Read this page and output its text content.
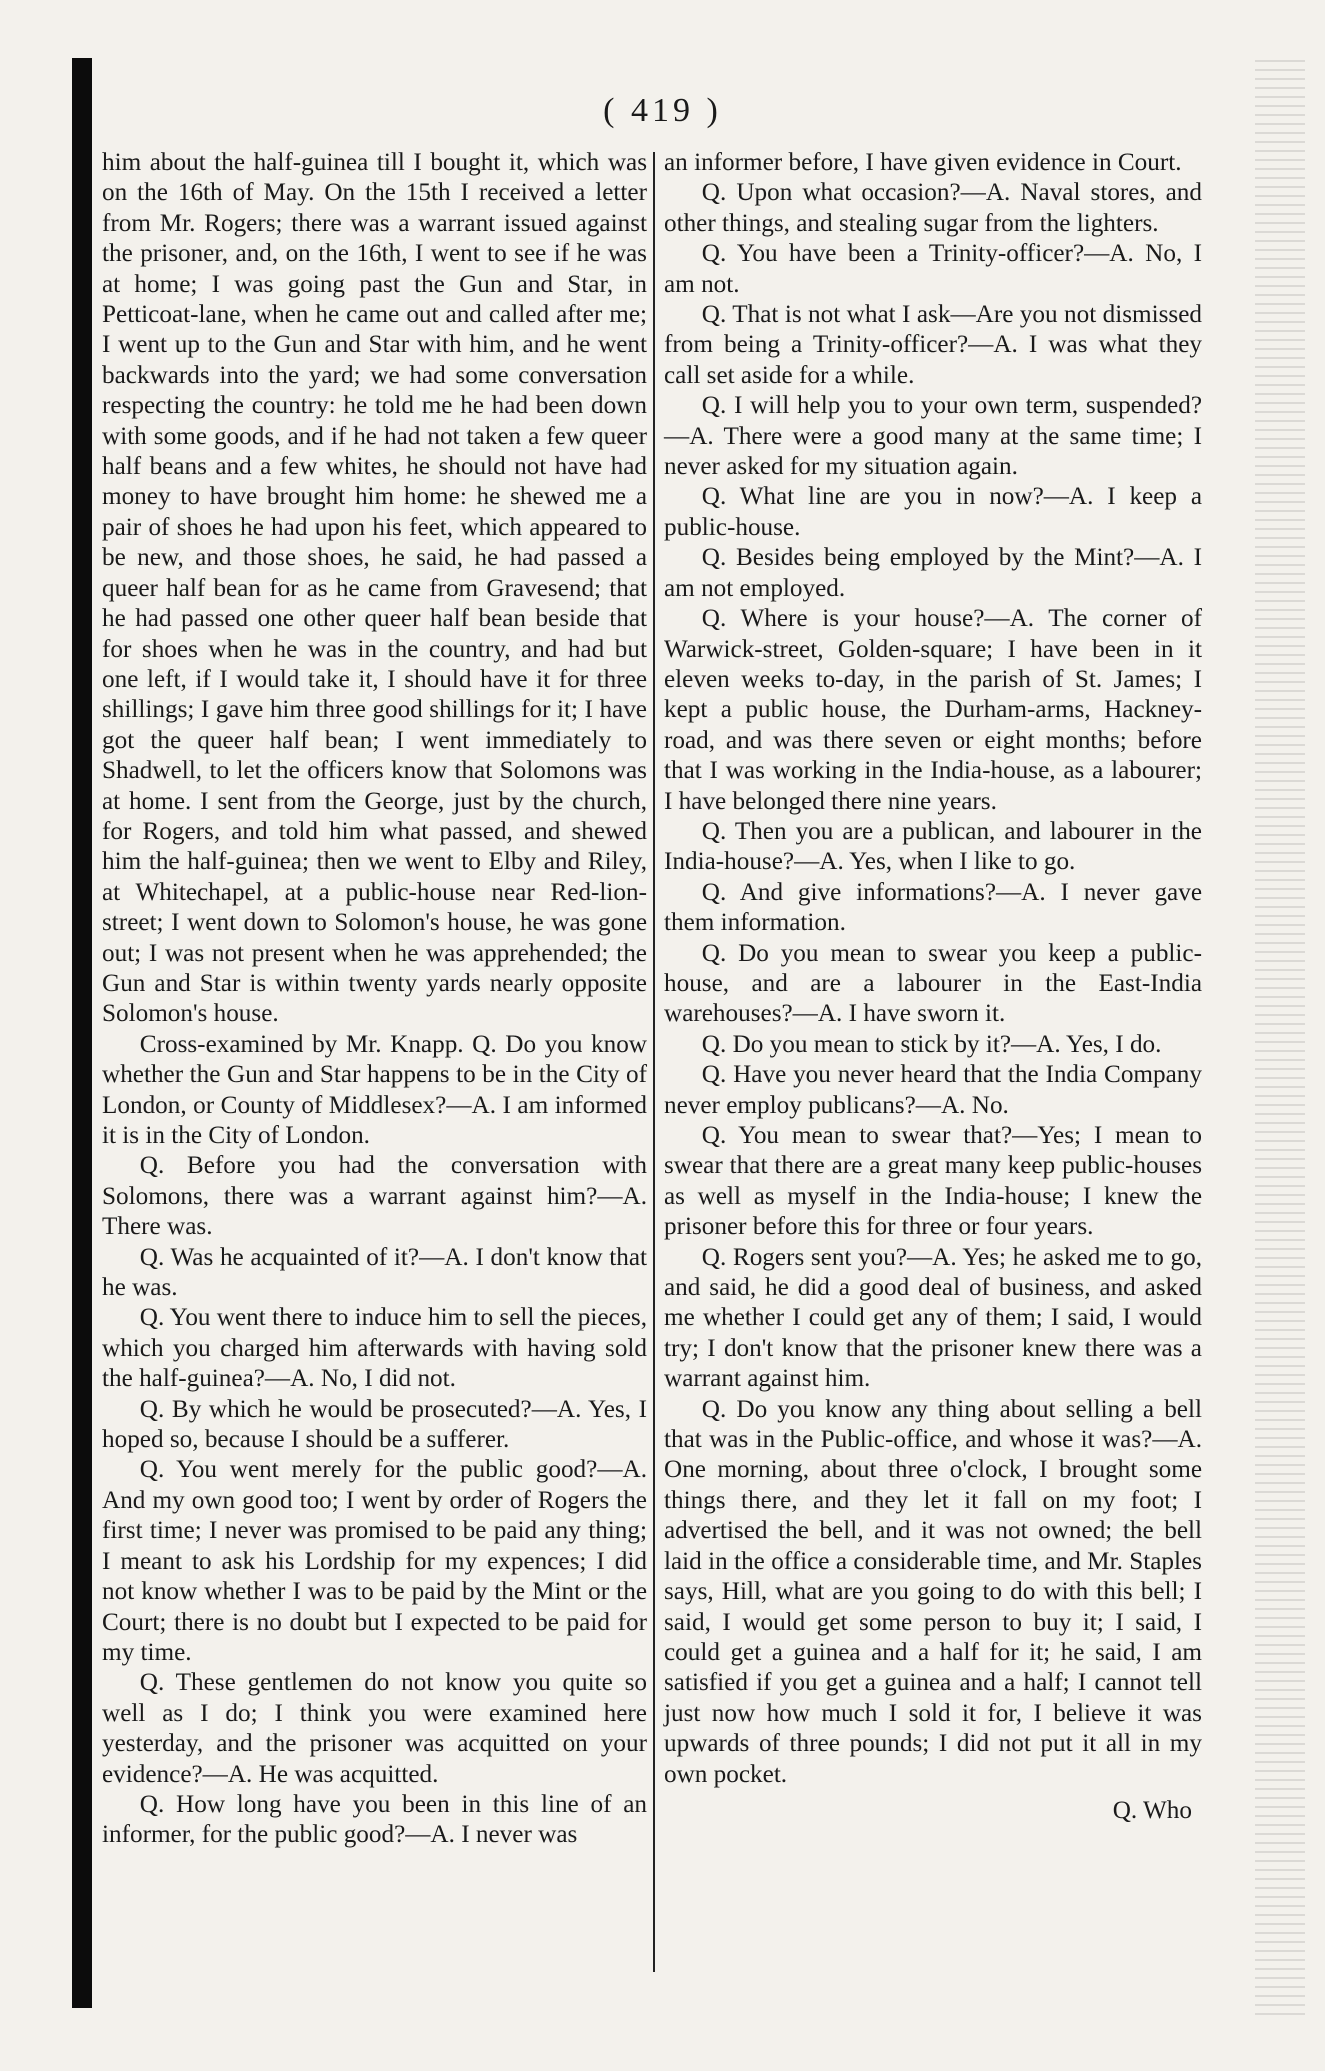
( 419 )

him about the half-guinea till I bought it, which was on the 16th of May. On the 15th I received a letter from Mr. Rogers; there was a warrant issued against the prisoner, and, on the 16th, I went to see if he was at home; I was going past the Gun and Star, in Petticoat-lane, when he came out and called after me; I went up to the Gun and Star with him, and he went backwards into the yard; we had some conversation respecting the country: he told me he had been down with some goods, and if he had not taken a few queer half beans and a few whites, he should not have had money to have brought him home: he shewed me a pair of shoes he had upon his feet, which appeared to be new, and those shoes, he said, he had passed a queer half bean for as he came from Gravesend; that he had passed one other queer half bean beside that for shoes when he was in the country, and had but one left, if I would take it, I should have it for three shillings; I gave him three good shillings for it; I have got the queer half bean; I went immediately to Shadwell, to let the officers know that Solomons was at home. I sent from the George, just by the church, for Rogers, and told him what passed, and shewed him the half-guinea; then we went to Elby and Riley, at Whitechapel, at a public-house near Red-lion-street; I went down to Solomon's house, he was gone out; I was not present when he was apprehended; the Gun and Star is within twenty yards nearly opposite Solomon's house.

Cross-examined by Mr. Knapp. Q. Do you know whether the Gun and Star happens to be in the City of London, or County of Middlesex?—A. I am informed it is in the City of London.

Q. Before you had the conversation with Solomons, there was a warrant against him?—A. There was.

Q. Was he acquainted of it?—A. I don't know that he was.

Q. You went there to induce him to sell the pieces, which you charged him afterwards with having sold the half-guinea?—A. No, I did not.

Q. By which he would be prosecuted?—A. Yes, I hoped so, because I should be a sufferer.

Q. You went merely for the public good?—A. And my own good too; I went by order of Rogers the first time; I never was promised to be paid any thing; I meant to ask his Lordship for my expences; I did not know whether I was to be paid by the Mint or the Court; there is no doubt but I expected to be paid for my time.

Q. These gentlemen do not know you quite so well as I do; I think you were examined here yesterday, and the prisoner was acquitted on your evidence?—A. He was acquitted.

Q. How long have you been in this line of an informer, for the public good?—A. I never was

an informer before, I have given evidence in Court.

Q. Upon what occasion?—A. Naval stores, and other things, and stealing sugar from the lighters.

Q. You have been a Trinity-officer?—A. No, I am not.

Q. That is not what I ask—Are you not dismissed from being a Trinity-officer?—A. I was what they call set aside for a while.

Q. I will help you to your own term, suspended?—A. There were a good many at the same time; I never asked for my situation again.

Q. What line are you in now?—A. I keep a public-house.

Q. Besides being employed by the Mint?—A. I am not employed.

Q. Where is your house?—A. The corner of Warwick-street, Golden-square; I have been in it eleven weeks to-day, in the parish of St. James; I kept a public house, the Durham-arms, Hackney-road, and was there seven or eight months; before that I was working in the India-house, as a labourer; I have belonged there nine years.

Q. Then you are a publican, and labourer in the India-house?—A. Yes, when I like to go.

Q. And give informations?—A. I never gave them information.

Q. Do you mean to swear you keep a public-house, and are a labourer in the East-India warehouses?—A. I have sworn it.

Q. Do you mean to stick by it?—A. Yes, I do.

Q. Have you never heard that the India Company never employ publicans?—A. No.

Q. You mean to swear that?—Yes; I mean to swear that there are a great many keep public-houses as well as myself in the India-house; I knew the prisoner before this for three or four years.

Q. Rogers sent you?—A. Yes; he asked me to go, and said, he did a good deal of business, and asked me whether I could get any of them; I said, I would try; I don't know that the prisoner knew there was a warrant against him.

Q. Do you know any thing about selling a bell that was in the Public-office, and whose it was?—A. One morning, about three o'clock, I brought some things there, and they let it fall on my foot; I advertised the bell, and it was not owned; the bell laid in the office a considerable time, and Mr. Staples says, Hill, what are you going to do with this bell; I said, I would get some person to buy it; I said, I could get a guinea and a half for it; he said, I am satisfied if you get a guinea and a half; I cannot tell just now how much I sold it for, I believe it was upwards of three pounds; I did not put it all in my own pocket.

Q. Who
